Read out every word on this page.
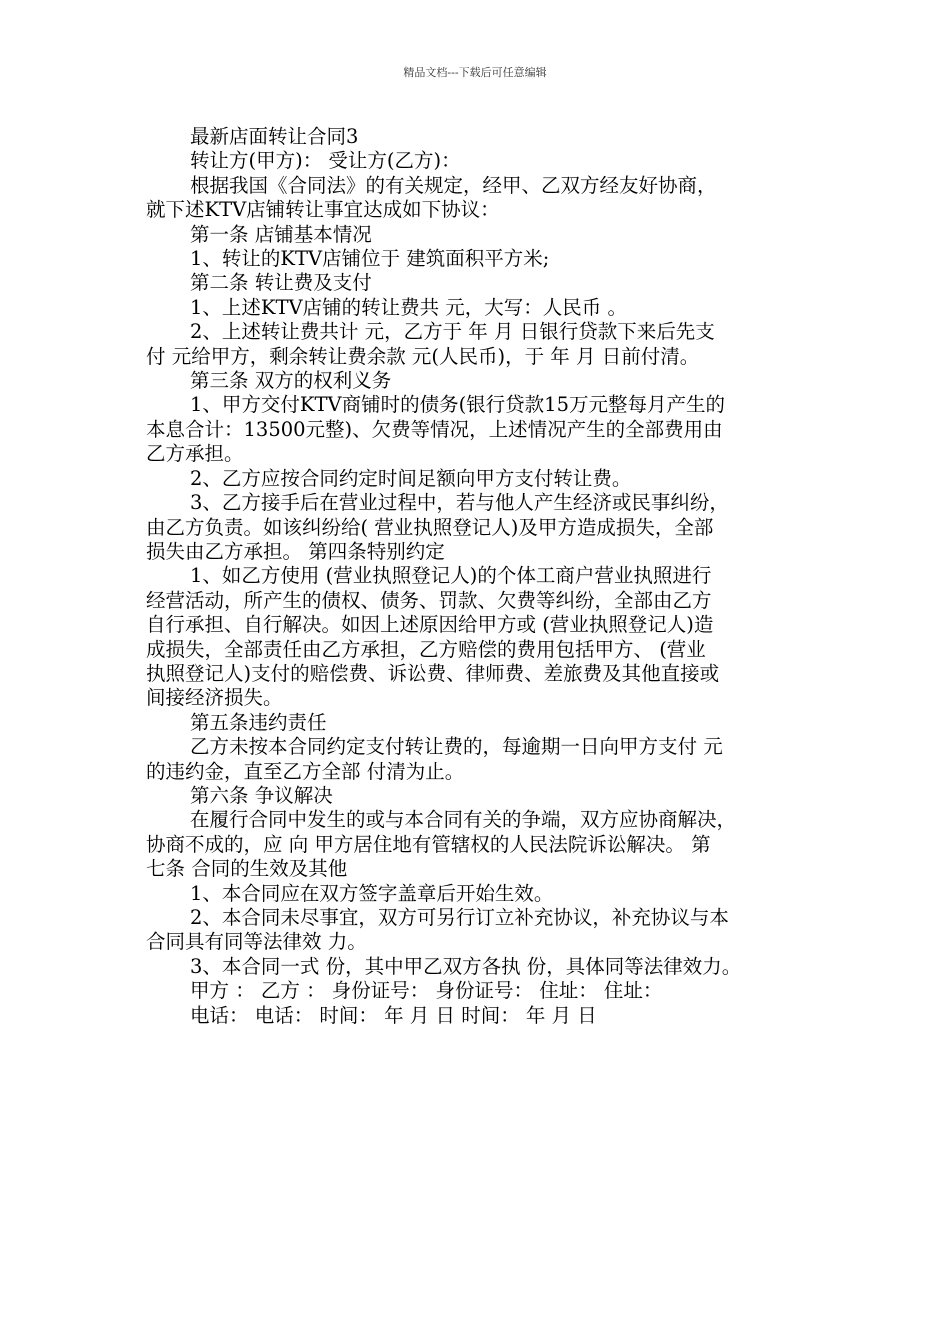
精品文档---下载后可任意编辑
最新店面转让合同3
转让方(甲方)： 受让方(乙方)：
根据我国《合同法》的有关规定，经甲、乙双方经友好协商，
就下述KTV店铺转让事宜达成如下协议：
第一条 店铺基本情况
1、转让的KTV店铺位于 建筑面积平方米;
第二条 转让费及支付
1、上述KTV店铺的转让费共 元，大写：人民币 。
2、上述转让费共计 元，乙方于 年 月 日银行贷款下来后先支
付 元给甲方，剩余转让费余款 元(人民币)，于 年 月 日前付清。
第三条 双方的权利义务
1、甲方交付KTV商铺时的债务(银行贷款15万元整每月产生的
本息合计：13500元整)、欠费等情况，上述情况产生的全部费用由
乙方承担。
2、乙方应按合同约定时间足额向甲方支付转让费。
3、乙方接手后在营业过程中，若与他人产生经济或民事纠纷，
由乙方负责。如该纠纷给( 营业执照登记人)及甲方造成损失，全部
损失由乙方承担。 第四条特别约定
1、如乙方使用 (营业执照登记人)的个体工商户营业执照进行
经营活动，所产生的债权、债务、罚款、欠费等纠纷，全部由乙方
自行承担、自行解决。如因上述原因给甲方或 (营业执照登记人)造
成损失，全部责任由乙方承担，乙方赔偿的费用包括甲方、 (营业
执照登记人)支付的赔偿费、诉讼费、律师费、差旅费及其他直接或
间接经济损失。
第五条违约责任
乙方未按本合同约定支付转让费的，每逾期一日向甲方支付 元
的违约金，直至乙方全部 付清为止。
第六条 争议解决
在履行合同中发生的或与本合同有关的争端，双方应协商解决，
协商不成的，应 向 甲方居住地有管辖权的人民法院诉讼解决。 第
七条 合同的生效及其他
1、本合同应在双方签字盖章后开始生效。
2、本合同未尽事宜，双方可另行订立补充协议，补充协议与本
合同具有同等法律效 力。
3、本合同一式 份，其中甲乙双方各执 份，具体同等法律效力。
甲方 ： 乙方 ： 身份证号： 身份证号： 住址： 住址：
电话： 电话： 时间： 年 月 日 时间： 年 月 日
